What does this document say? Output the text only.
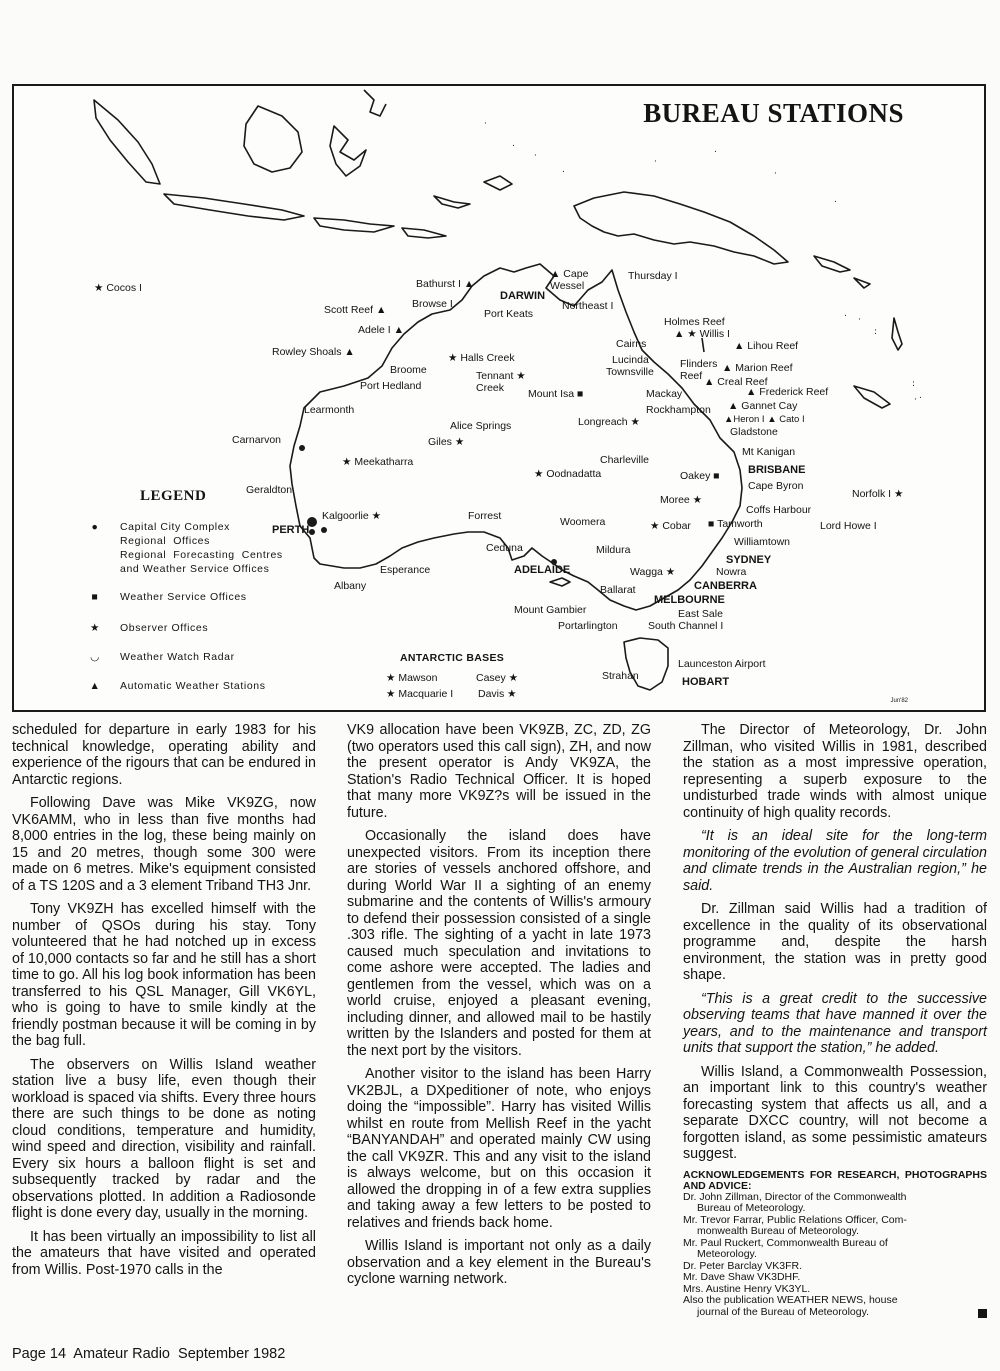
:
.
·
.
·
:
·
.
·
.
·
.
·
.
BUREAU STATIONS
★ Cocos I	Bathurst I ▲
DARWIN
▲ Cape
Wessel
Northeast I
Thursday I
Scott Reef ▲ Browse I
Port Keats
Adele I ▲
Holmes Reef
▲ ★ Willis I
▲ Lihou Reef
Rowley Shoals ▲
Broome
★ Halls Creek
Cairns
Lucinda
Townsville
Flinders
Reef
▲ Marion Reef
▲ Creal Reef
Port Hedland
Tennant ★
Creek	Mount Isa ■	Mackay	▲ Frederick Reef
▲ Gannet Cay
Learmonth	Rockhampton
▲Heron I ▲ Cato I
Alice Springs	Longreach ★
Gladstone
Carnarvon	Giles ★
Mt Kanigan
★ Meekatharra	Charleville
BRISBANE
★ Oodnadatta	Oakey ■
Cape Byron
Geraldton
Moree ★	Norfolk I ★
Kalgoorlie ★	Forrest	Coffs Harbour
PERTH
Woomera	★ Cobar ■ Tamworth	Lord Howe I
Ceduna	Williamtown
Mildura
SYDNEY
Esperance
Albany
ADELAIDE	Wagga ★	Nowra
CANBERRA
Ballarat
MELBOURNE
Mount Gambier	East Sale
Portarlington	South Channel I
Launceston Airport
Strahan	HOBART
LEGEND
●	Capital City Complex
Regional  Offices
Regional  Forecasting  Centres
and Weather Service Offices
■	Weather Service Offices
★ Observer Offices
◡ Weather Watch Radar
▲ Automatic Weather Stations
ANTARCTIC BASES
★ Mawson	Casey ★
★ Macquarie I Davis ★
Jun'82

scheduled for departure in early 1983 for his technical knowledge, operating ability and experience of the rigours that can be endured in Antarctic regions.

Following Dave was Mike VK9ZG, now VK6AMM, who in less than five months had 8,000 entries in the log, these being mainly on 15 and 20 metres, though some 300 were made on 6 metres. Mike's equipment consisted of a TS 120S and a 3 element Triband TH3 Jnr.

Tony VK9ZH has excelled himself with the number of QSOs during his stay. Tony volunteered that he had notched up in excess of 10,000 contacts so far and he still has a short time to go. All his log book information has been transferred to his QSL Manager, Gill VK6YL, who is going to have to smile kindly at the friendly postman because it will be coming in by the bag full.

The observers on Willis Island weather station live a busy life, even though their workload is spaced via shifts. Every three hours there are such things to be done as noting cloud conditions, temperature and humidity, wind speed and direction, visibility and rainfall. Every six hours a balloon flight is set and subsequently tracked by radar and the observations plotted. In addition a Radiosonde flight is done every day, usually in the morning.

It has been virtually an impossibility to list all the amateurs that have visited and operated from Willis. Post-1970 calls in the

VK9 allocation have been VK9ZB, ZC, ZD, ZG (two operators used this call sign), ZH, and now the present operator is Andy VK9ZA, the Station's Radio Technical Officer. It is hoped that many more VK9Z?s will be issued in the future.

Occasionally the island does have unexpected visitors. From its inception there are stories of vessels anchored offshore, and during World War II a sighting of an enemy submarine and the contents of Willis's armoury to defend their possession consisted of a single .303 rifle. The sighting of a yacht in late 1973 caused much speculation and invitations to come ashore were accepted. The ladies and gentlemen from the vessel, which was on a world cruise, enjoyed a pleasant evening, including dinner, and allowed mail to be hastily written by the Islanders and posted for them at the next port by the visitors.

Another visitor to the island has been Harry VK2BJL, a DXpeditioner of note, who enjoys doing the “impossible”. Harry has visited Willis whilst en route from Mellish Reef in the yacht “BANYANDAH” and operated mainly CW using the call VK9ZR. This and any visit to the island is always welcome, but on this occasion it allowed the dropping in of a few extra supplies and taking away a few letters to be posted to relatives and friends back home.

Willis Island is important not only as a daily observation and a key element in the Bureau's cyclone warning network.

The Director of Meteorology, Dr. John Zillman, who visited Willis in 1981, described the station as a most impressive operation, representing a superb exposure to the undisturbed trade winds with almost unique continuity of high quality records.

“It is an ideal site for the long-term monitoring of the evolution of general circulation and climate trends in the Australian region,” he said.

Dr. Zillman said Willis had a tradition of excellence in the quality of its observational programme and, despite the harsh environment, the station was in pretty good shape.

“This is a great credit to the successive observing teams that have manned it over the years, and to the maintenance and transport units that support the station,” he added.

Willis Island, a Commonwealth Possession, an important link to this country's weather forecasting system that affects us all, and a separate DXCC country, will not become a forgotten island, as some pessimistic amateurs suggest.

ACKNOWLEDGEMENTS FOR RESEARCH, PHOTOGRAPHS AND ADVICE:
Dr. John Zillman, Director of the Commonwealth
Bureau of Meteorology.
Mr. Trevor Farrar, Public Relations Officer, Com-
monwealth Bureau of Meteorology.
Mr. Paul Ruckert, Commonwealth Bureau of
Meteorology.
Dr. Peter Barclay VK3FR.
Mr. Dave Shaw VK3DHF.
Mrs. Austine Henry VK3YL.
Also the publication WEATHER NEWS, house
journal of the Bureau of Meteorology.
Page 14  Amateur Radio  September 1982
